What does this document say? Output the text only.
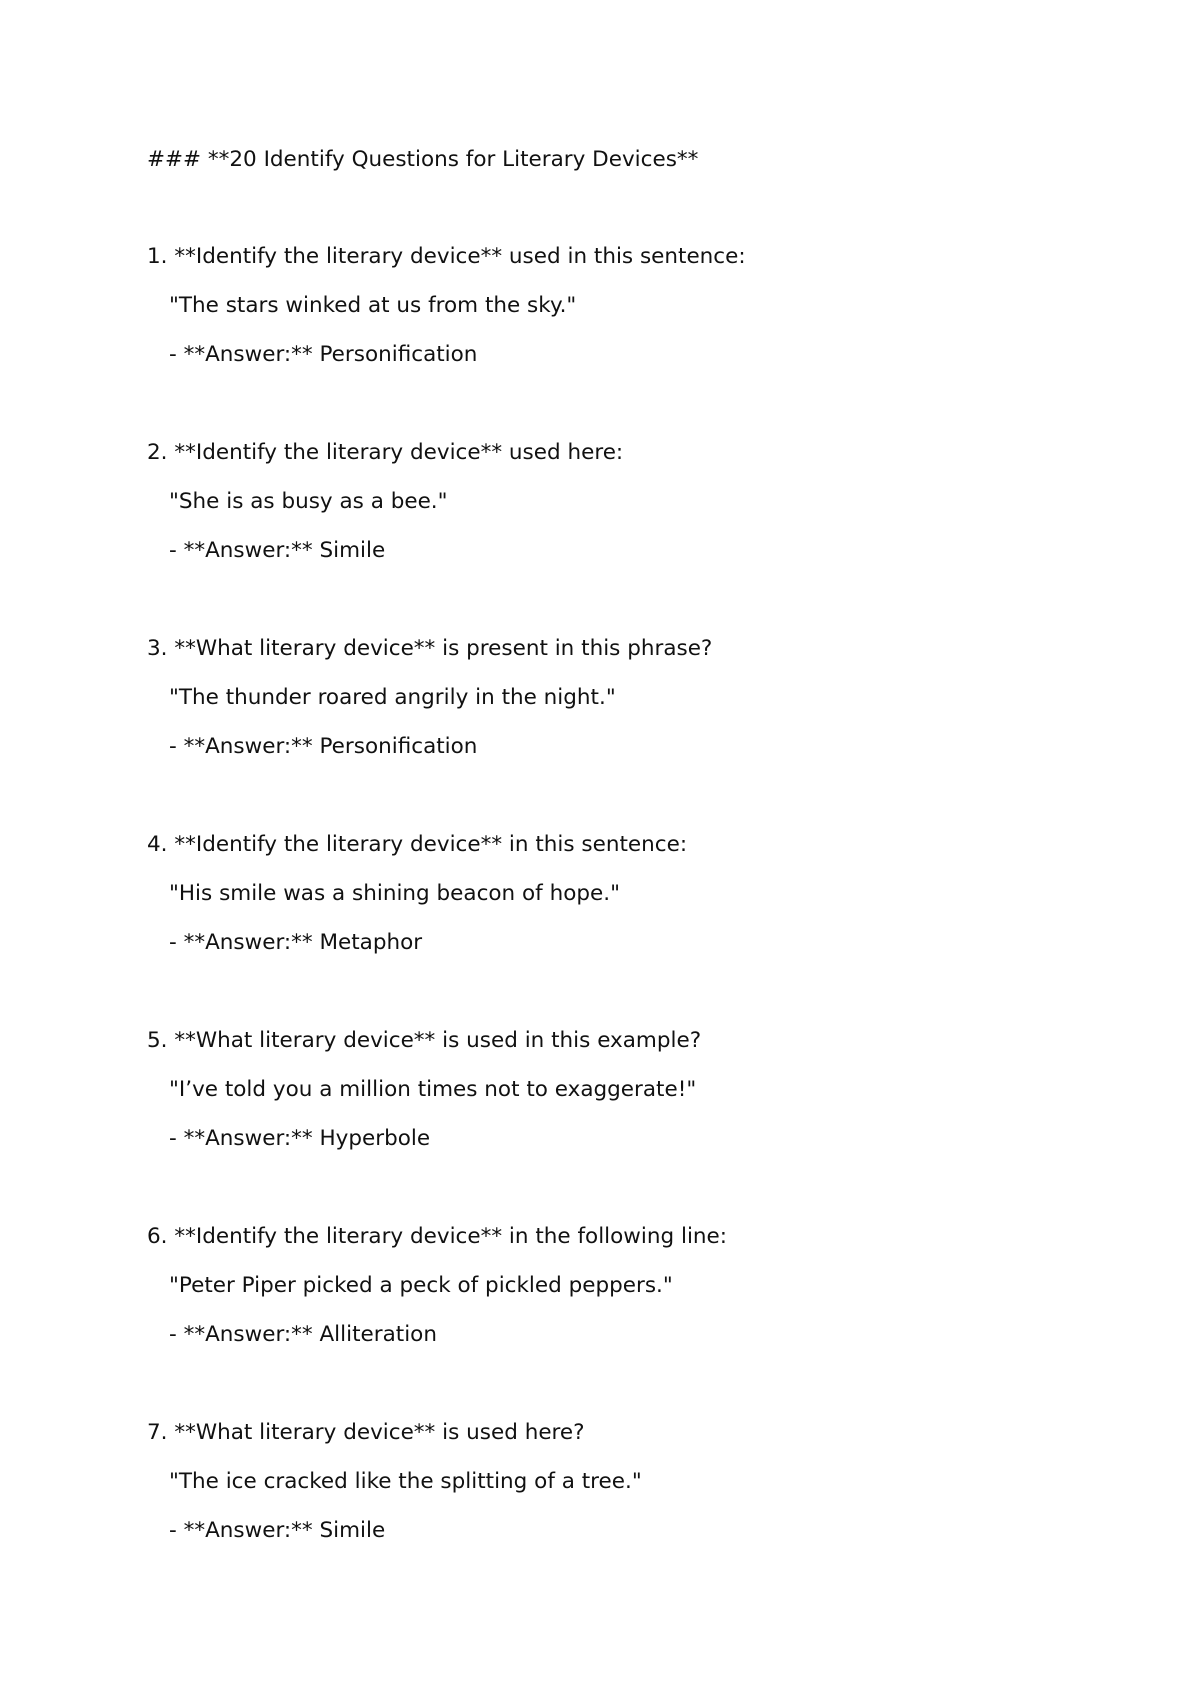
### **20 Identify Questions for Literary Devices**
1. **Identify the literary device** used in this sentence:
"The stars winked at us from the sky."
- **Answer:** Personification
2. **Identify the literary device** used here:
"She is as busy as a bee."
- **Answer:** Simile
3. **What literary device** is present in this phrase?
"The thunder roared angrily in the night."
- **Answer:** Personification
4. **Identify the literary device** in this sentence:
"His smile was a shining beacon of hope."
- **Answer:** Metaphor
5. **What literary device** is used in this example?
"I’ve told you a million times not to exaggerate!"
- **Answer:** Hyperbole
6. **Identify the literary device** in the following line:
"Peter Piper picked a peck of pickled peppers."
- **Answer:** Alliteration
7. **What literary device** is used here?
"The ice cracked like the splitting of a tree."
- **Answer:** Simile
